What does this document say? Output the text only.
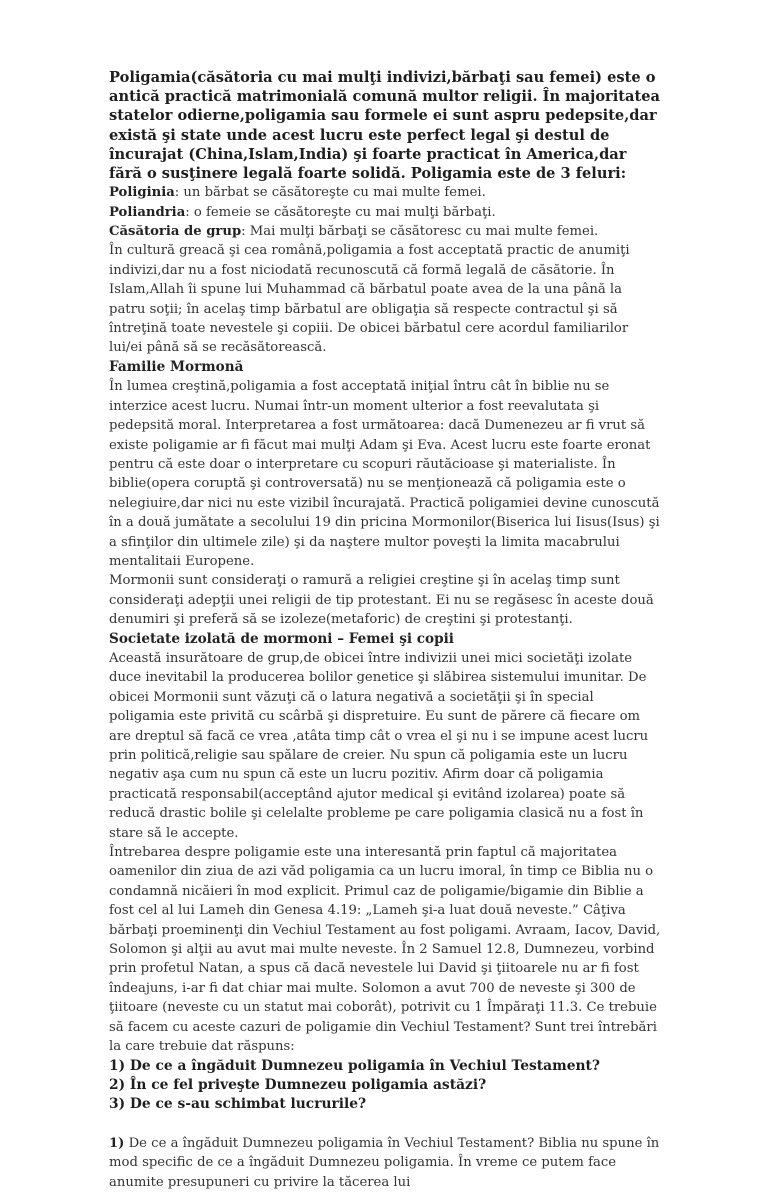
Poligamia(căsătoria cu mai mulţi indivizi,bărbaţi sau femei) este o antică practică matrimonială comună multor religii. În majoritatea statelor odierne,poligamia sau formele ei sunt aspru pedepsite,dar există şi state unde acest lucru este perfect legal şi destul de încurajat (China,Islam,India) şi foarte practicat în America,dar fără o susţinere legală foarte solidă. Poligamia este de 3 feluri:

Poliginia: un bărbat se căsătoreşte cu mai multe femei.

Poliandria: o femeie se căsătoreşte cu mai mulţi bărbaţi.

Căsătoria de grup: Mai mulţi bărbaţi se căsătoresc cu mai multe femei.

În cultură greacă şi cea română,poligamia a fost acceptată practic de anumiţi indivizi,dar nu a fost niciodată recunoscută că formă legală de căsătorie. În Islam,Allah îi spune lui Muhammad că bărbatul poate avea de la una până la patru soţii; în acelaş timp bărbatul are obligaţia să respecte contractul şi să întreţină toate nevestele şi copiii. De obicei bărbatul cere acordul familiarilor lui/ei până să se recăsătorească.

Familie Mormonă

În lumea creştină,poligamia a fost acceptată iniţial întru cât în biblie nu se interzice acest lucru. Numai într-un moment ulterior a fost reevalutata şi pedepsită moral. Interpretarea a fost următoarea: dacă Dumenezeu ar fi vrut să existe poligamie ar fi făcut mai mulţi Adam şi Eva. Acest lucru este foarte eronat pentru că este doar o interpretare cu scopuri răutăcioase şi materialiste. În biblie(opera coruptă şi controversată) nu se menţionează că poligamia este o nelegiuire,dar nici nu este vizibil încurajată. Practică poligamiei devine cunoscută în a două jumătate a secolului 19 din pricina Mormonilor(Biserica lui Iisus(Isus) şi a sfinţilor din ultimele zile) şi da naştere multor poveşti la limita macabrului mentalitaii Europene.

Mormonii sunt consideraţi o ramură a religiei creştine şi în acelaş timp sunt consideraţi adepţii unei religii de tip protestant. Ei nu se regăsesc în aceste două denumiri şi preferă să se izoleze(metaforic) de creştini şi protestanţi.

Societate izolată de mormoni – Femei şi copii

Această insurătoare de grup,de obicei între indivizii unei mici societăţi izolate duce inevitabil la producerea bolilor genetice şi slăbirea sistemului imunitar. De obicei Mormonii sunt văzuţi că o latura negativă a societăţii şi în special poligamia este privită cu scârbă şi dispretuire. Eu sunt de părere că fiecare om are dreptul să facă ce vrea ,atâta timp cât o vrea el şi nu i se impune acest lucru prin politică,religie sau spălare de creier. Nu spun că poligamia este un lucru negativ aşa cum nu spun că este un lucru pozitiv. Afirm doar că poligamia practicată responsabil(acceptând ajutor medical şi evitând izolarea) poate să reducă drastic bolile şi celelalte probleme pe care poligamia clasică nu a fost în stare să le accepte.

Întrebarea despre poligamie este una interesantă prin faptul că majoritatea oamenilor din ziua de azi văd poligamia ca un lucru imoral, în timp ce Biblia nu o condamnă nicăieri în mod explicit. Primul caz de poligamie/bigamie din Biblie a fost cel al lui Lameh din Genesa 4.19: „Lameh şi-a luat două neveste.” Câţiva bărbaţi proeminenţi din Vechiul Testament au fost poligami. Avraam, Iacov, David, Solomon şi alţii au avut mai multe neveste. În 2 Samuel 12.8, Dumnezeu, vorbind prin profetul Natan, a spus că dacă nevestele lui David şi ţiitoarele nu ar fi fost îndeajuns, i-ar fi dat chiar mai multe. Solomon a avut 700 de neveste şi 300 de ţiitoare (neveste cu un statut mai coborât), potrivit cu 1 Împăraţi 11.3. Ce trebuie să facem cu aceste cazuri de poligamie din Vechiul Testament? Sunt trei întrebări la care trebuie dat răspuns:

1) De ce a îngăduit Dumnezeu poligamia în Vechiul Testament?

2) În ce fel priveşte Dumnezeu poligamia astăzi?

3) De ce s-au schimbat lucrurile?

1) De ce a îngăduit Dumnezeu poligamia în Vechiul Testament? Biblia nu spune în mod specific de ce a îngăduit Dumnezeu poligamia. În vreme ce putem face anumite presupuneri cu privire la tăcerea lui
